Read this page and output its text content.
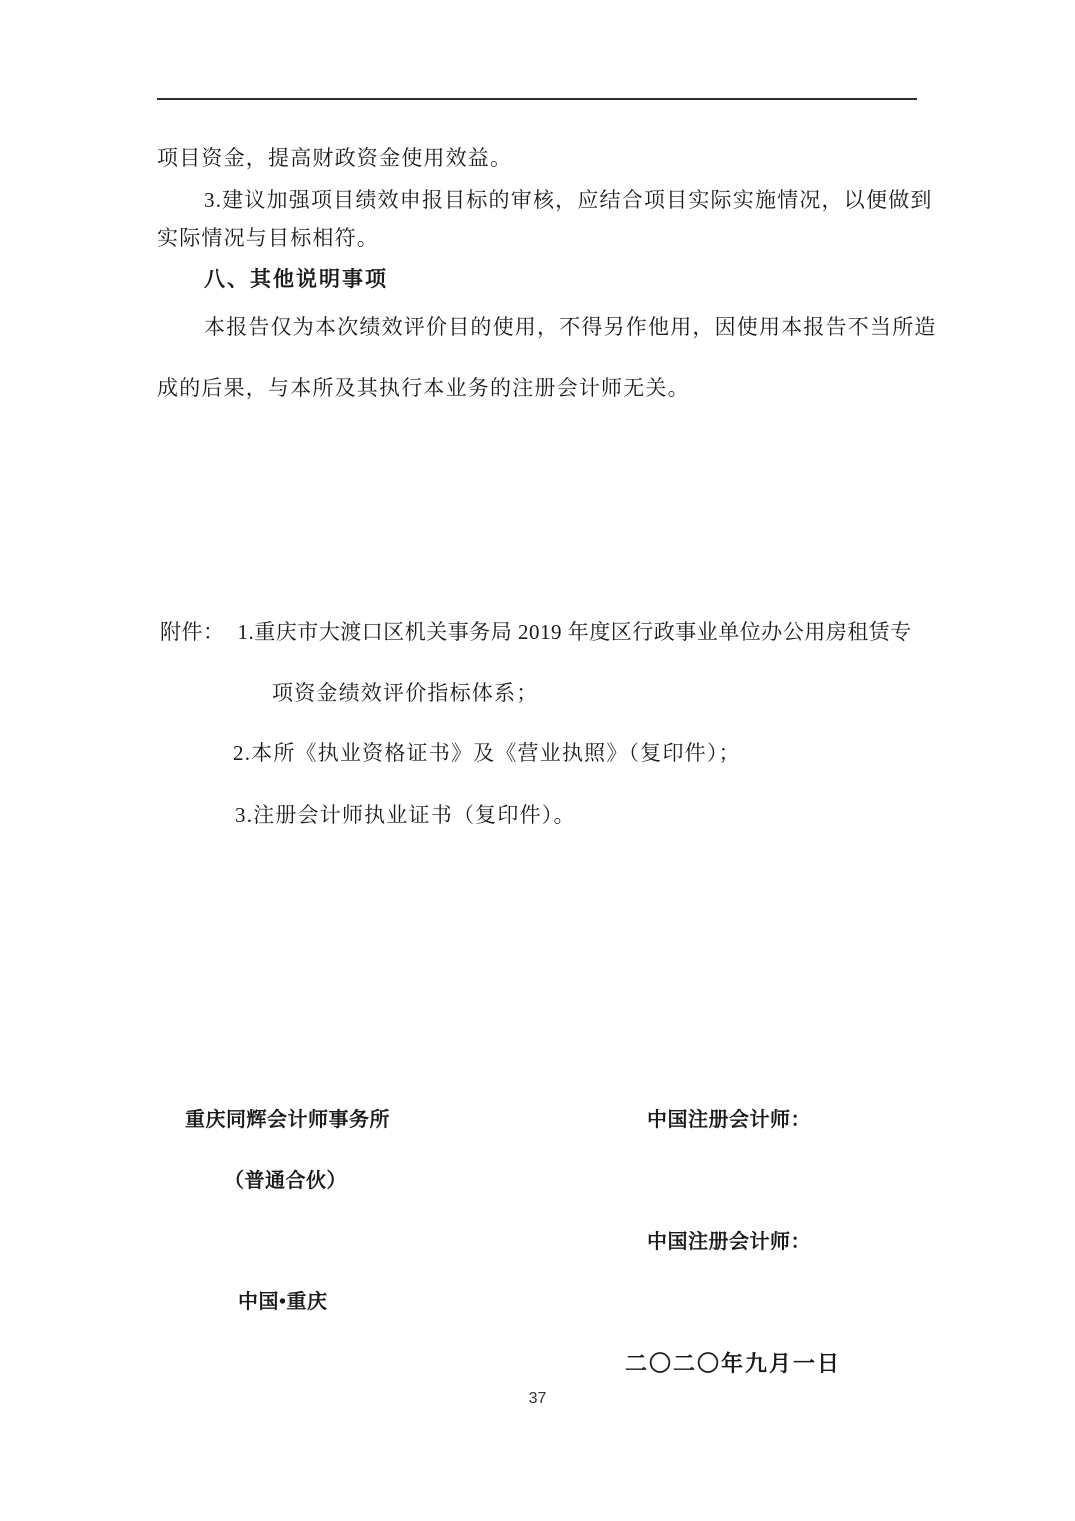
项目资金，提高财政资金使用效益。
3.建议加强项目绩效申报目标的审核，应结合项目实际实施情况，以便做到
实际情况与目标相符。
八、其他说明事项
本报告仅为本次绩效评价目的使用，不得另作他用，因使用本报告不当所造
成的后果，与本所及其执行本业务的注册会计师无关。
附件： 1.重庆市大渡口区机关事务局 2019 年度区行政事业单位办公用房租赁专
项资金绩效评价指标体系；
2.本所《执业资格证书》及《营业执照》（复印件）；
3.注册会计师执业证书（复印件）。
重庆同辉会计师事务所	中国注册会计师：
（普通合伙）
中国注册会计师：
中国•重庆
二〇二〇年九月一日
37
